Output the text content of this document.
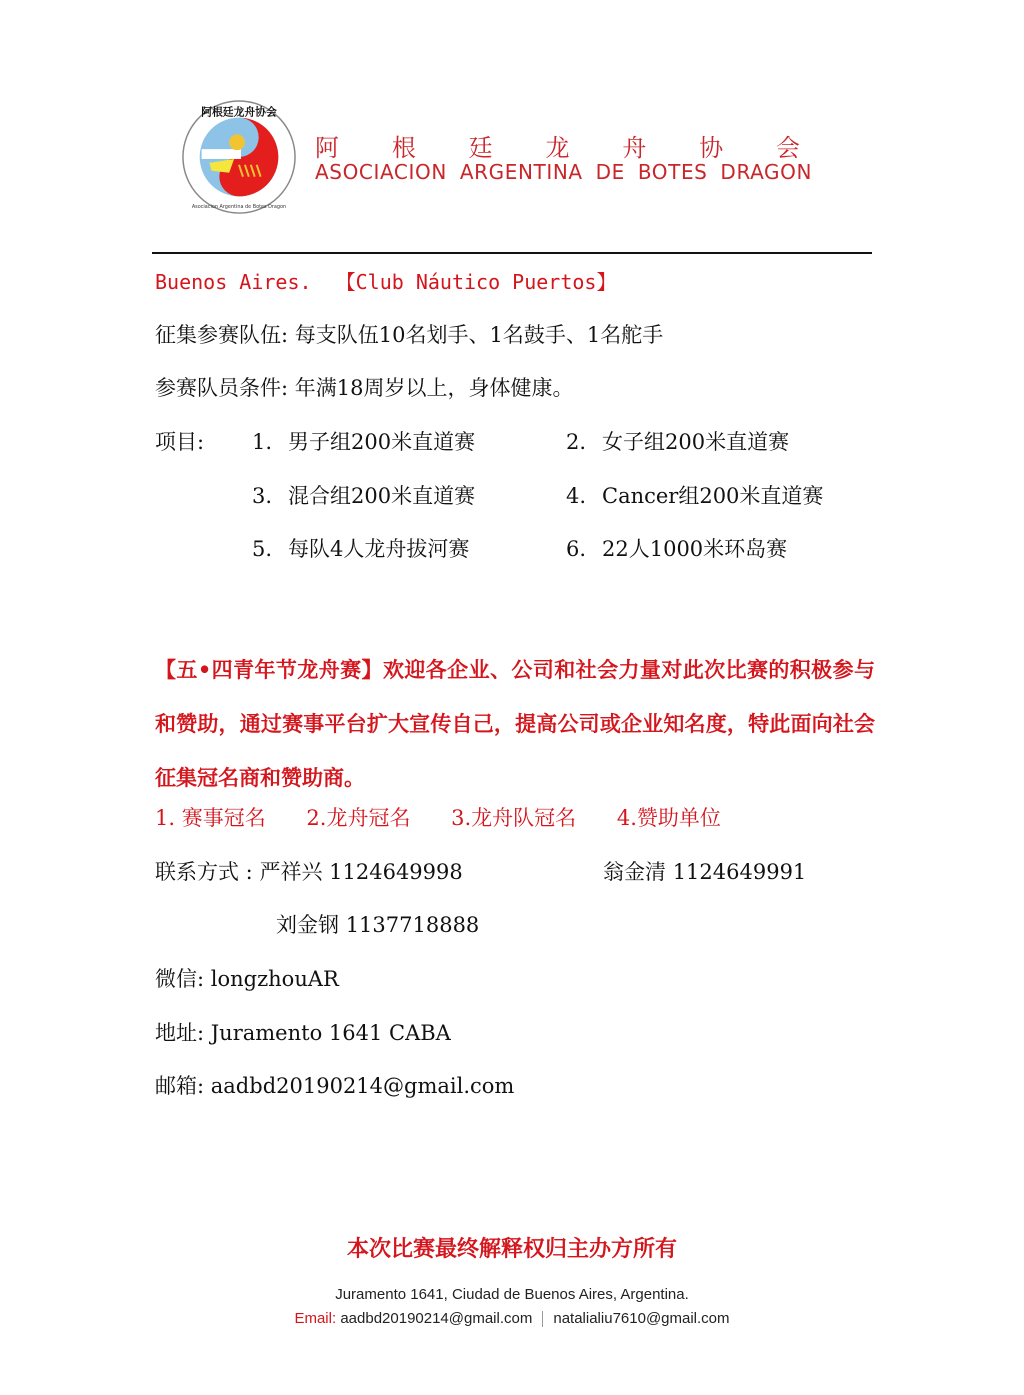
阿根廷龙舟协会
Asociacion Argentina de Botes Dragon
阿 根 廷 龙 舟 协 会
ASOCIACION ARGENTINA DE BOTES DRAGON
Buenos Aires. 【Club Náutico Puertos】
征集参赛队伍: 每支队伍10名划手、1名鼓手、1名舵手
参赛队员条件: 年满18周岁以上，身体健康。
项目: 1. 男子组200米直道赛	2. 女子组200米直道赛
3. 混合组200米直道赛	4. Cancer组200米直道赛
5. 每队4人龙舟拔河赛	6. 22人1000米环岛赛
【五•四青年节龙舟赛】欢迎各企业、公司和社会力量对此次比赛的积极参与和赞助，通过赛事平台扩大宣传自己，提高公司或企业知名度，特此面向社会征集冠名商和赞助商。
1. 赛事冠名 2.龙舟冠名 3.龙舟队冠名 4.赞助单位
联系方式 : 严祥兴 1124649998	翁金清 1124649991
刘金钢 1137718888
微信: longzhouAR
地址: Juramento 1641 CABA
邮箱: aadbd20190214@gmail.com
本次比赛最终解释权归主办方所有
Juramento 1641, Ciudad de Buenos Aires, Argentina.
Email: aadbd20190214@gmail.com natalialiu7610@gmail.com
